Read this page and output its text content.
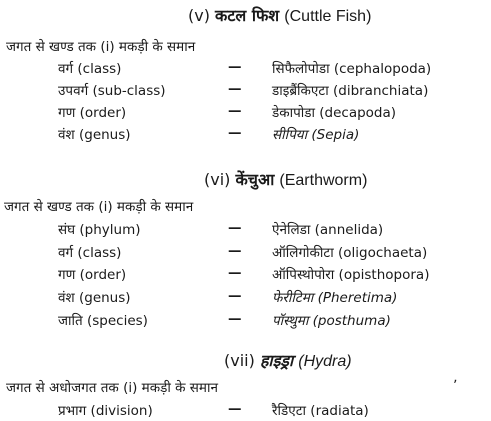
(v) कटल फिश (Cuttle Fish)
जगत से खण्ड तक (i) मकड़ी के समान
वर्ग (class)	— सिफैलोपोडा (cephalopoda)
उपवर्ग (sub-class)	— डाइब्रैंकिएटा (dibranchiata)
गण (order)	— डेकापोडा (decapoda)
वंश (genus)	— सीपिया (Sepia)
(vi) केंचुआ (Earthworm)
जगत से खण्ड तक (i) मकड़ी के समान
संघ (phylum)	— ऐनेलिडा (annelida)
वर्ग (class)	— ऑलिगोकीटा (oligochaeta)
गण (order)	— ऑपिस्थोपोरा (opisthopora)
वंश (genus)	— फेरीटिमा (Pheretima)
जाति (species)	— पॉस्थुमा (posthuma)
(vii) हाइड्रा (Hydra)
जगत से अधोजगत तक (i) मकड़ी के समान
प्रभाग (division)	— रैडिएटा (radiata)
ʼ
